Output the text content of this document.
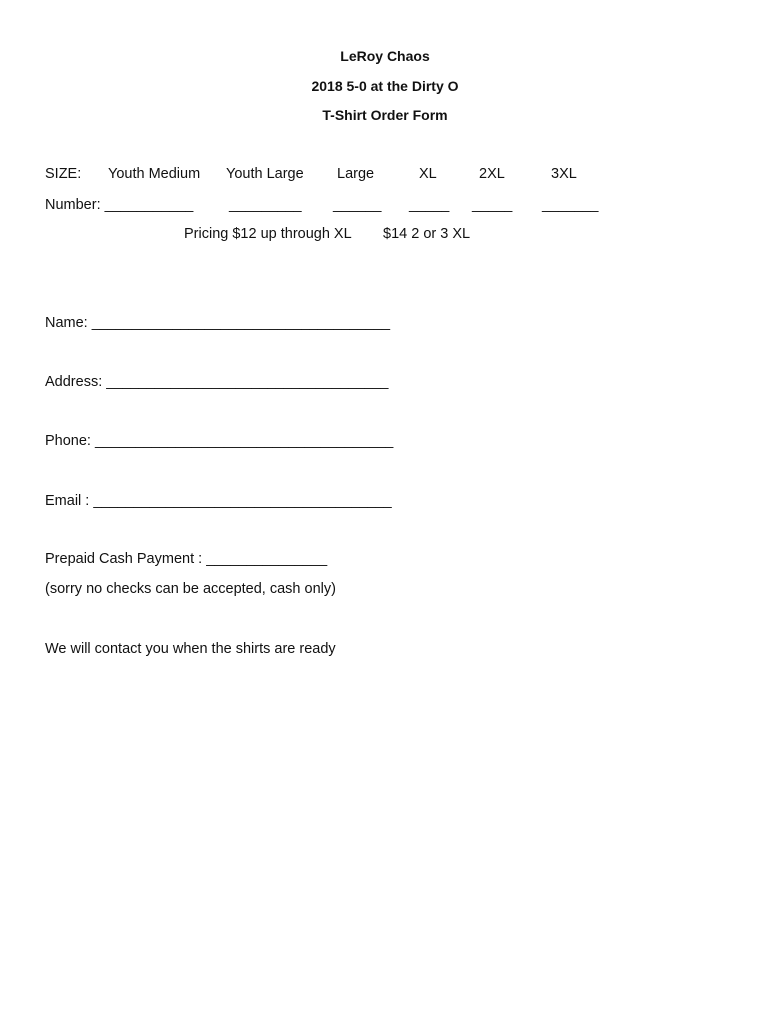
LeRoy Chaos
2018 5-0 at the Dirty O
T-Shirt Order Form
SIZE: Youth Medium Youth Large Large	XL	2XL	3XL
Number: ___________ _________ ______ _____ _____ _______
Pricing $12 up through XL $14 2 or 3 XL
Name: _____________________________________
Address: ___________________________________
Phone: _____________________________________
Email : _____________________________________
Prepaid Cash Payment : _______________
(sorry no checks can be accepted, cash only)
We will contact you when the shirts are ready
